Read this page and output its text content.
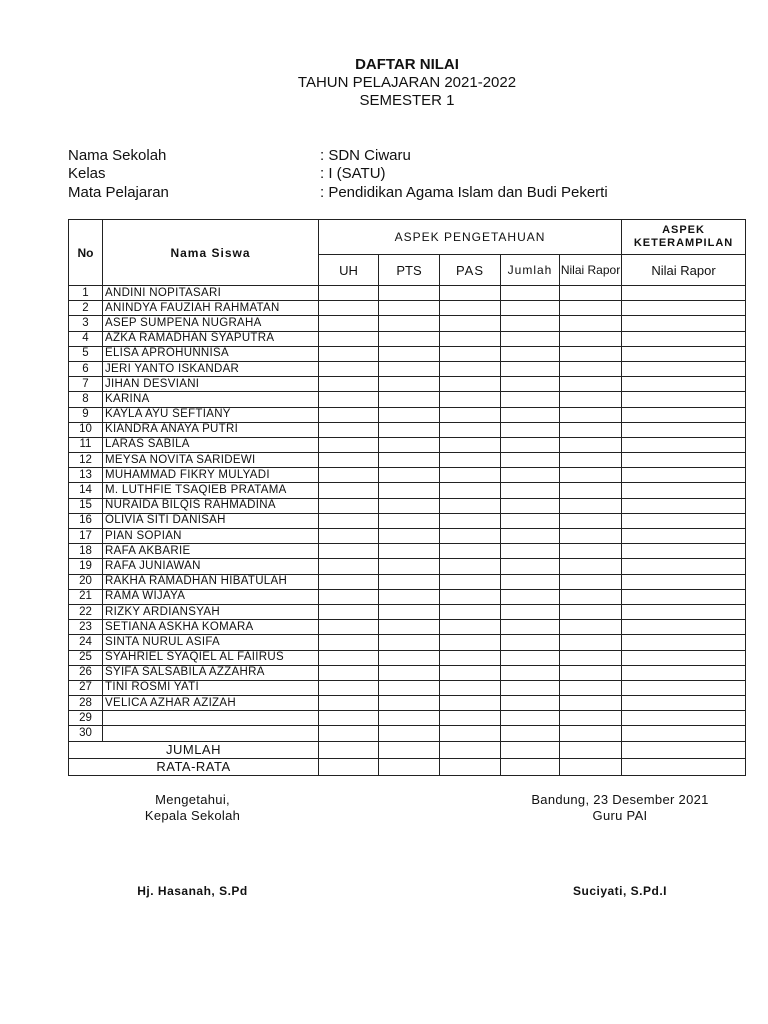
DAFTAR NILAI
TAHUN PELAJARAN 2021-2022
SEMESTER 1
Nama Sekolah	: SDN Ciwaru
Kelas	: I (SATU)
Mata Pelajaran	: Pendidikan Agama Islam dan Budi Pekerti
No	Nama Siswa	ASPEK PENGETAHUAN					ASPEK KETERAMPILAN
		UH	PTS	PAS	Jumlah	Nilai Rapor	Nilai Rapor
1	ANDINI NOPITASARI						
2	ANINDYA FAUZIAH RAHMATAN						
3	ASEP SUMPENA NUGRAHA						
4	AZKA RAMADHAN SYAPUTRA						
5	ELISA APROHUNNISA						
6	JERI YANTO ISKANDAR						
7	JIHAN DESVIANI						
8	KARINA						
9	KAYLA AYU SEFTIANY						
10	KIANDRA ANAYA PUTRI						
11	LARAS SABILA						
12	MEYSA NOVITA SARIDEWI						
13	MUHAMMAD FIKRY MULYADI						
14	M. LUTHFIE TSAQIEB PRATAMA						
15	NURAIDA BILQIS RAHMADINA						
16	OLIVIA SITI DANISAH						
17	PIAN SOPIAN						
18	RAFA AKBARIE						
19	RAFA JUNIAWAN						
20	RAKHA RAMADHAN HIBATULAH						
21	RAMA WIJAYA						
22	RIZKY ARDIANSYAH						
23	SETIANA ASKHA KOMARA						
24	SINTA NURUL ASIFA						
25	SYAHRIEL SYAQIEL AL FAIIRUS						
26	SYIFA SALSABILA AZZAHRA						
27	TINI ROSMI YATI						
28	VELICA AZHAR AZIZAH						
29							
30							
JUMLAH							
RATA-RATA							
Mengetahui,
Kepala Sekolah
Bandung, 23 Desember 2021
Guru PAI
Hj. Hasanah, S.Pd	Suciyati, S.Pd.I
